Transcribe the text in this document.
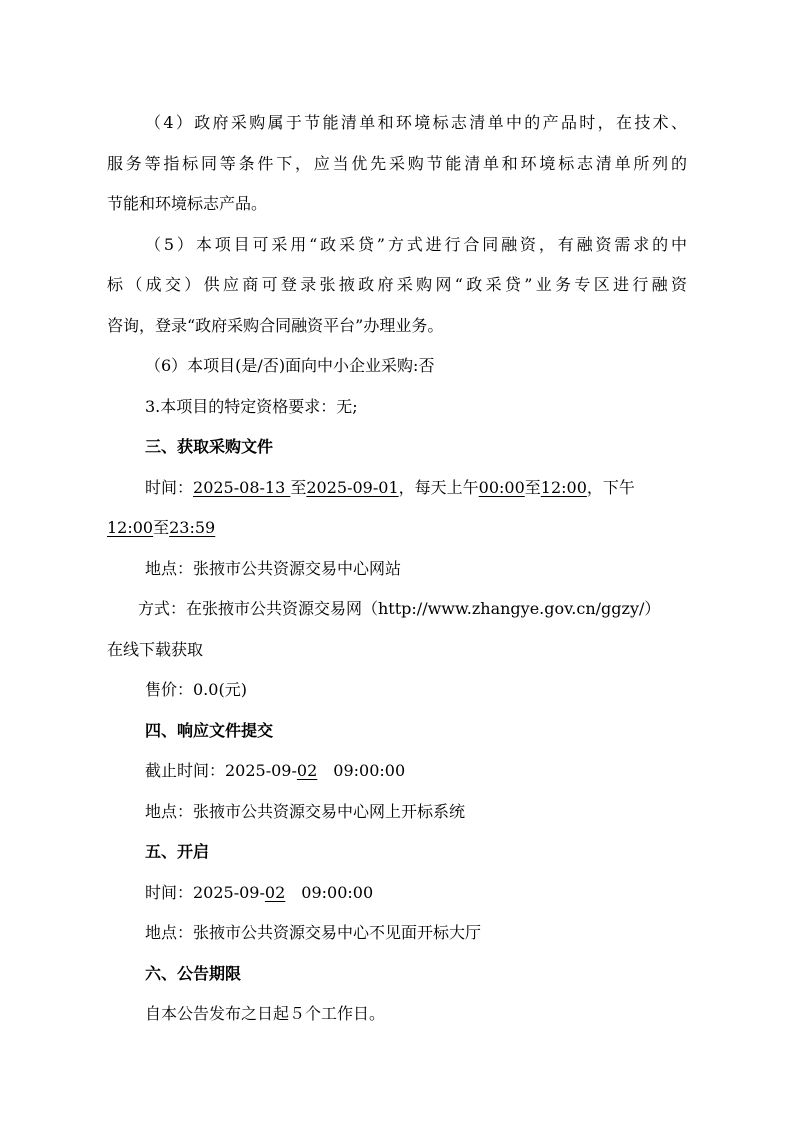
（4）政府采购属于节能清单和环境标志清单中的产品时，在技术、

服务等指标同等条件下，应当优先采购节能清单和环境标志清单所列的

节能和环境标志产品。

（5）本项目可采用“政采贷”方式进行合同融资，有融资需求的中

标（成交）供应商可登录张掖政府采购网“政采贷”业务专区进行融资

咨询，登录“政府采购合同融资平台”办理业务。

（6）本项目(是/否)面向中小企业采购:否

3.本项目的特定资格要求：无;

三、获取采购文件

时间：2025-08-13 至2025-09-01，每天上午00:00至12:00，下午

12:00至23:59

地点：张掖市公共资源交易中心网站

方式：在张掖市公共资源交易网（http://www.zhangye.gov.cn/ggzy/）

在线下载获取

售价：0.0(元)

四、响应文件提交

截止时间：2025-09-02 09:00:00

地点：张掖市公共资源交易中心网上开标系统

五、开启

时间：2025-09-02 09:00:00

地点：张掖市公共资源交易中心不见面开标大厅

六、公告期限

自本公告发布之日起５个工作日。
